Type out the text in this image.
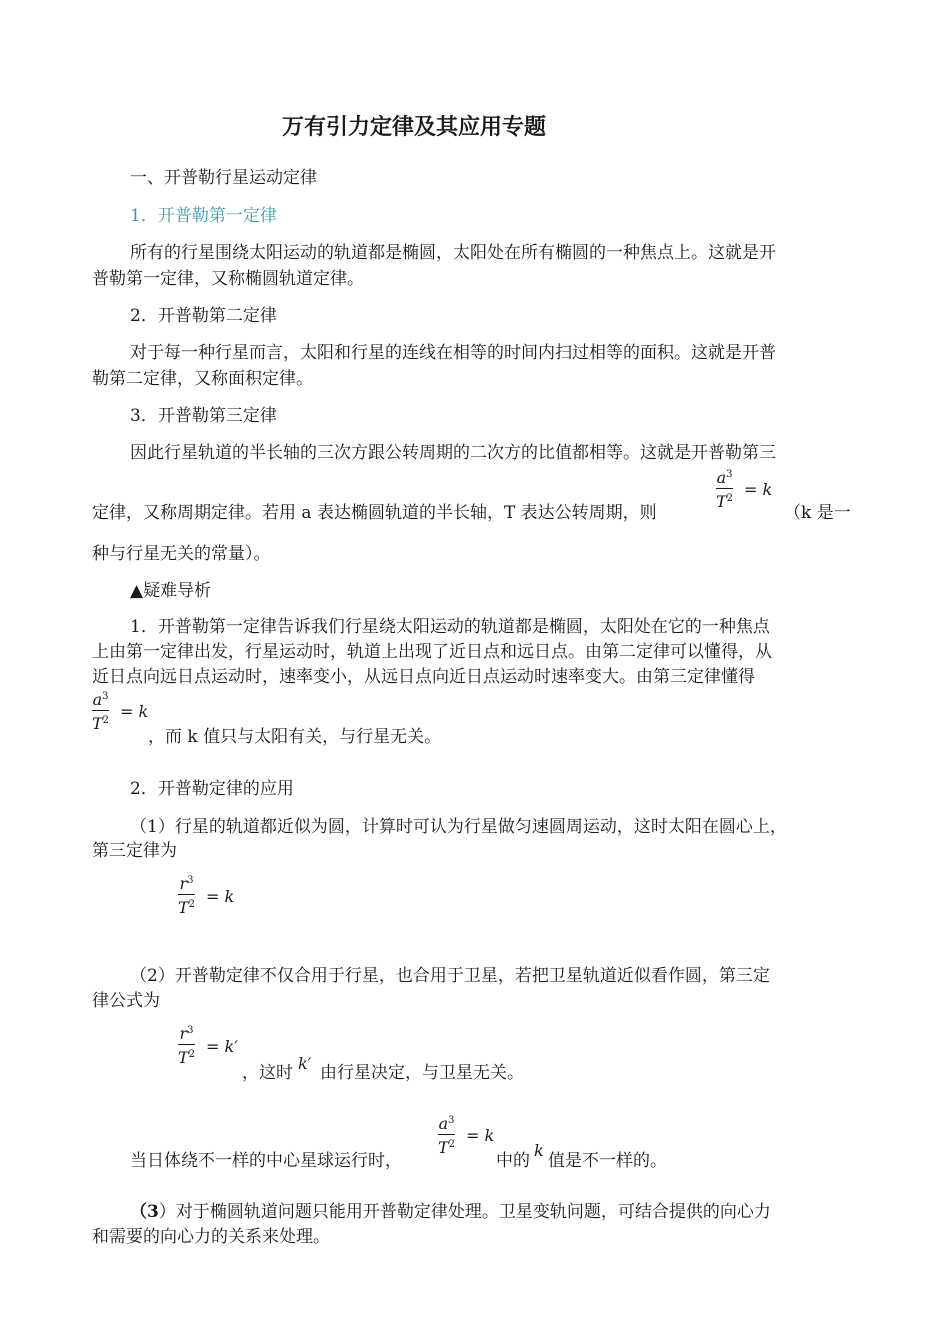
万有引力定律及其应用专题
一、开普勒行星运动定律
1．开普勒第一定律
所有的行星围绕太阳运动的轨道都是椭圆，太阳处在所有椭圆的一种焦点上。这就是开
普勒第一定律，又称椭圆轨道定律。
2．开普勒第二定律
对于每一种行星而言，太阳和行星的连线在相等的时间内扫过相等的面积。这就是开普
勒第二定律，又称面积定律。
3．开普勒第三定律
因此行星轨道的半长轴的三次方跟公转周期的二次方的比值都相等。这就是开普勒第三
定律，又称周期定律。若用 a 表达椭圆轨道的半长轴，T 表达公转周期，则
$a^3$
$T^2 = k$
（k 是一
种与行星无关的常量）。
▲疑难导析
1．开普勒第一定律告诉我们行星绕太阳运动的轨道都是椭圆，太阳处在它的一种焦点
上由第一定律出发，行星运动时，轨道上出现了近日点和远日点。由第二定律可以懂得，从
近日点向远日点运动时，速率变小，从远日点向近日点运动时速率变大。由第三定律懂得
$a^3$
$T^2 = k$
，而 k 值只与太阳有关，与行星无关。
2．开普勒定律的应用
（1）行星的轨道都近似为圆，计算时可认为行星做匀速圆周运动，这时太阳在圆心上，
第三定律为
$r^3$
$T^2 = k$
（2）开普勒定律不仅合用于行星，也合用于卫星，若把卫星轨道近似看作圆，第三定
律公式为
$r^3$
$T^2 = k'$
，这时 k′ 由行星决定，与卫星无关。
当日体绕不一样的中心星球运行时，
$a^3$
$T^2 = k$
中的
k
值是不一样的。
（3）对于椭圆轨道问题只能用开普勒定律处理。卫星变轨问题，可结合提供的向心力
和需要的向心力的关系来处理。
